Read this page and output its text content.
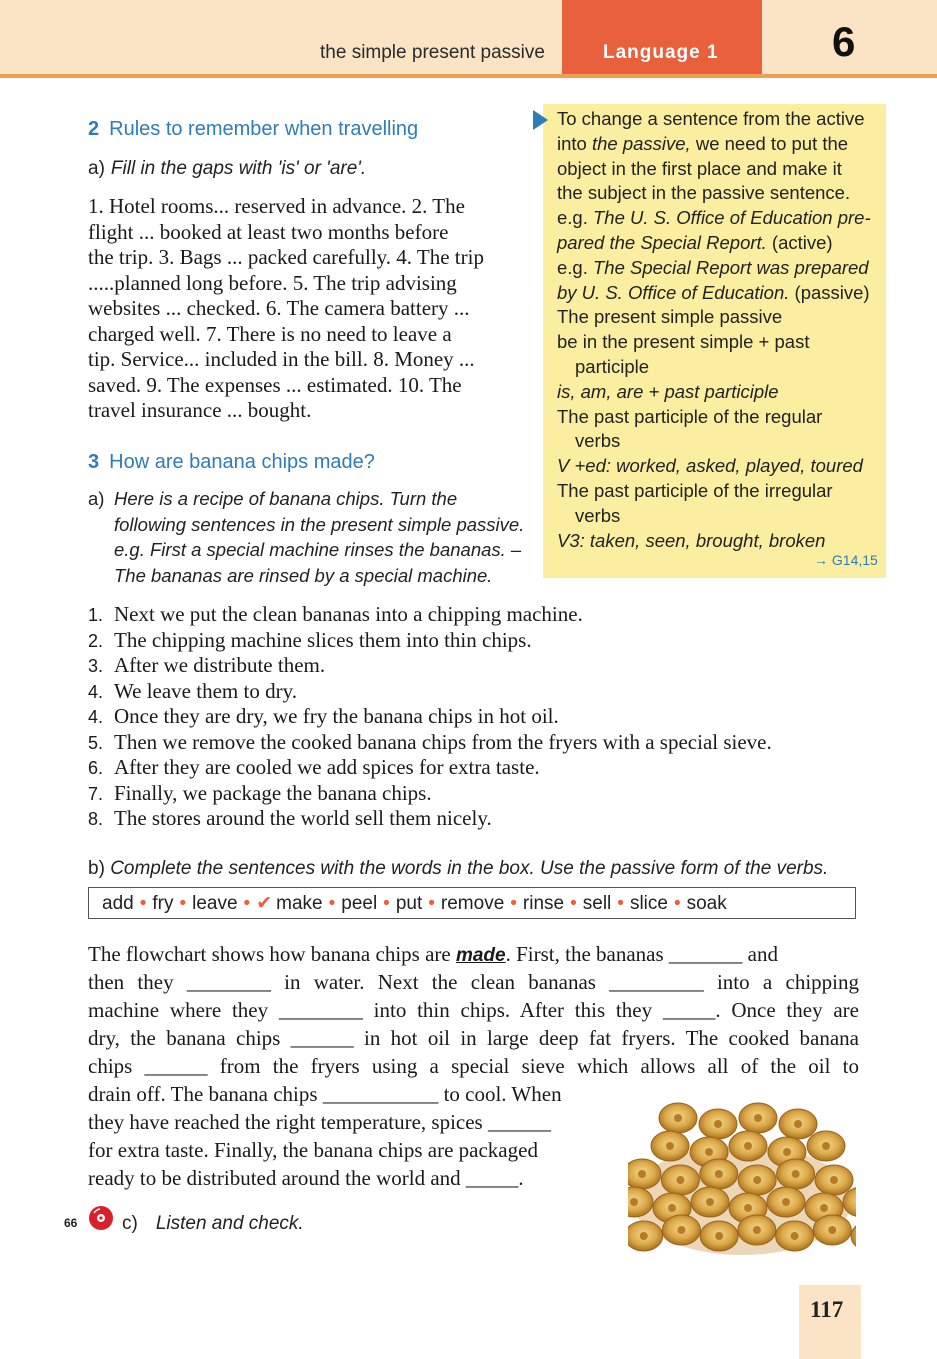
the simple present passive	Language 1	6
2 Rules to remember when travelling
a) Fill in the gaps with 'is' or 'are'.
1. Hotel rooms... reserved in advance. 2. The
flight ... booked at least two months before
the trip. 3. Bags ... packed carefully. 4. The trip
.....planned long before. 5. The trip advising
websites ... checked. 6. The camera battery ...
charged well. 7. There is no need to leave a
tip. Service... included in the bill. 8. Money ...
saved. 9. The expenses ... estimated. 10. The
travel insurance ... bought.
3 How are banana chips made?
a) Here is a recipe of banana chips. Turn the
following sentences in the present simple passive.
e.g. First a special machine rinses the bananas. –
The bananas are rinsed by a special machine.
To change a sentence from the active
into the passive, we need to put the
object in the first place and make it
the subject in the passive sentence.
e.g. The U. S. Office of Education pre-
pared the Special Report. (active)
e.g. The Special Report was prepared
by U. S. Office of Education. (passive)
The present simple passive
be in the present simple + past
participle
is, am, are + past participle
The past participle of the regular
verbs
V +ed: worked, asked, played, toured
The past participle of the irregular
verbs
V3: taken, seen, brought, broken
→ G14,15
1. Next we put the clean bananas into a chipping machine.
2. The chipping machine slices them into thin chips.
3. After we distribute them.
4. We leave them to dry.
4. Once they are dry, we fry the banana chips in hot oil.
5. Then we remove the cooked banana chips from the fryers with a special sieve.
6. After they are cooled we add spices for extra taste.
7. Finally, we package the banana chips.
8. The stores around the world sell them nicely.
b) Complete the sentences with the words in the box. Use the passive form of the verbs.
add • fry • leave • ✔ make • peel • put • remove • rinse • sell • slice • soak
The flowchart shows how banana chips are made. First, the bananas _______ and
then they ________ in water. Next the clean bananas _________ into a chipping
machine where they ________ into thin chips. After this they _____. Once they are
dry, the banana chips ______ in hot oil in large deep fat fryers. The cooked banana
chips ______ from the fryers using a special sieve which allows all of the oil to
drain off. The banana chips ___________ to cool. When
they have reached the right temperature, spices ______
for extra taste. Finally, the banana chips are packaged
ready to be distributed around the world and _____.
66 c) Listen and check.
117
